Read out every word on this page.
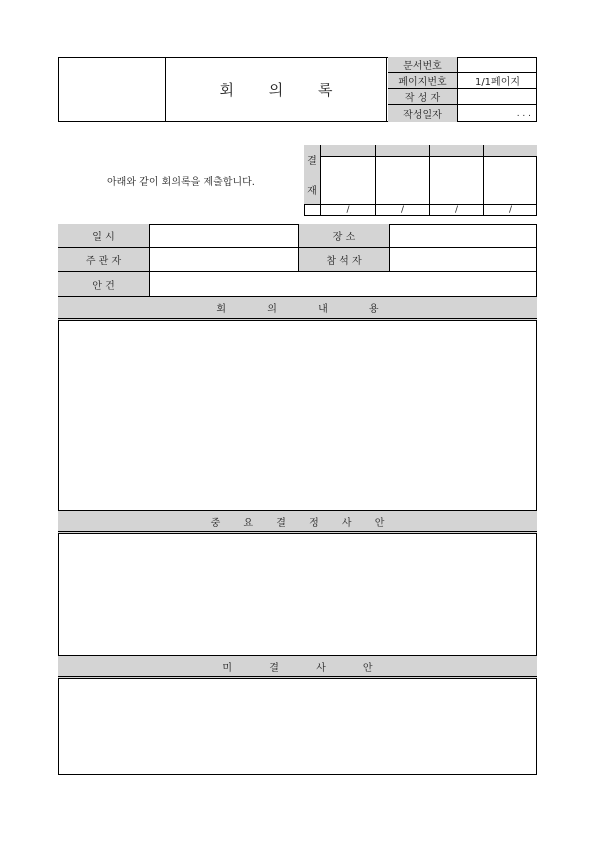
회 의 록
문서번호
페이지번호	1/1페이지
작 성 자
작성일자	. . .
아래와 같이 회의록을 제출합니다.
결
재
/	/	/	/
일 시	장 소
주 관 자	참 석 자
안 건
회 의 내 용
중 요 결 정 사 안
미 결 사 안
